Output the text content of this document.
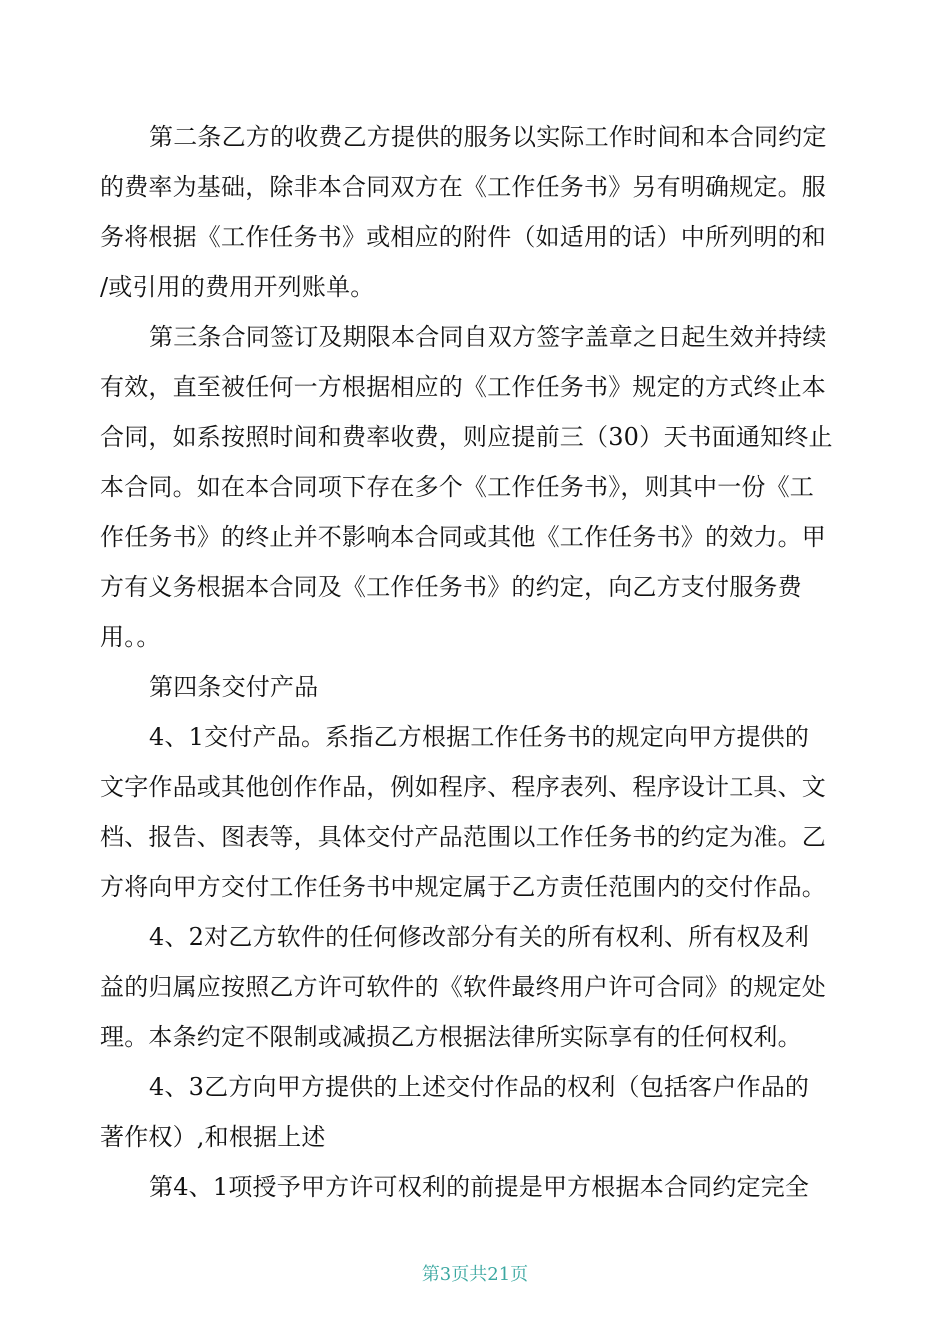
第二条乙方的收费乙方提供的服务以实际工作时间和本合同约定
的费率为基础，除非本合同双方在《工作任务书》另有明确规定。服
务将根据《工作任务书》或相应的附件（如适用的话）中所列明的和
/或引用的费用开列账单。
第三条合同签订及期限本合同自双方签字盖章之日起生效并持续
有效，直至被任何一方根据相应的《工作任务书》规定的方式终止本
合同，如系按照时间和费率收费，则应提前三（30）天书面通知终止
本合同。如在本合同项下存在多个《工作任务书》，则其中一份《工
作任务书》的终止并不影响本合同或其他《工作任务书》的效力。甲
方有义务根据本合同及《工作任务书》的约定，向乙方支付服务费
用。。
第四条交付产品
4、1交付产品。系指乙方根据工作任务书的规定向甲方提供的
文字作品或其他创作作品，例如程序、程序表列、程序设计工具、文
档、报告、图表等，具体交付产品范围以工作任务书的约定为准。乙
方将向甲方交付工作任务书中规定属于乙方责任范围内的交付作品。
4、2对乙方软件的任何修改部分有关的所有权利、所有权及利
益的归属应按照乙方许可软件的《软件最终用户许可合同》的规定处
理。本条约定不限制或减损乙方根据法律所实际享有的任何权利。
4、3乙方向甲方提供的上述交付作品的权利（包括客户作品的
著作权）,和根据上述
第4、1项授予甲方许可权利的前提是甲方根据本合同约定完全
第3页共21页
